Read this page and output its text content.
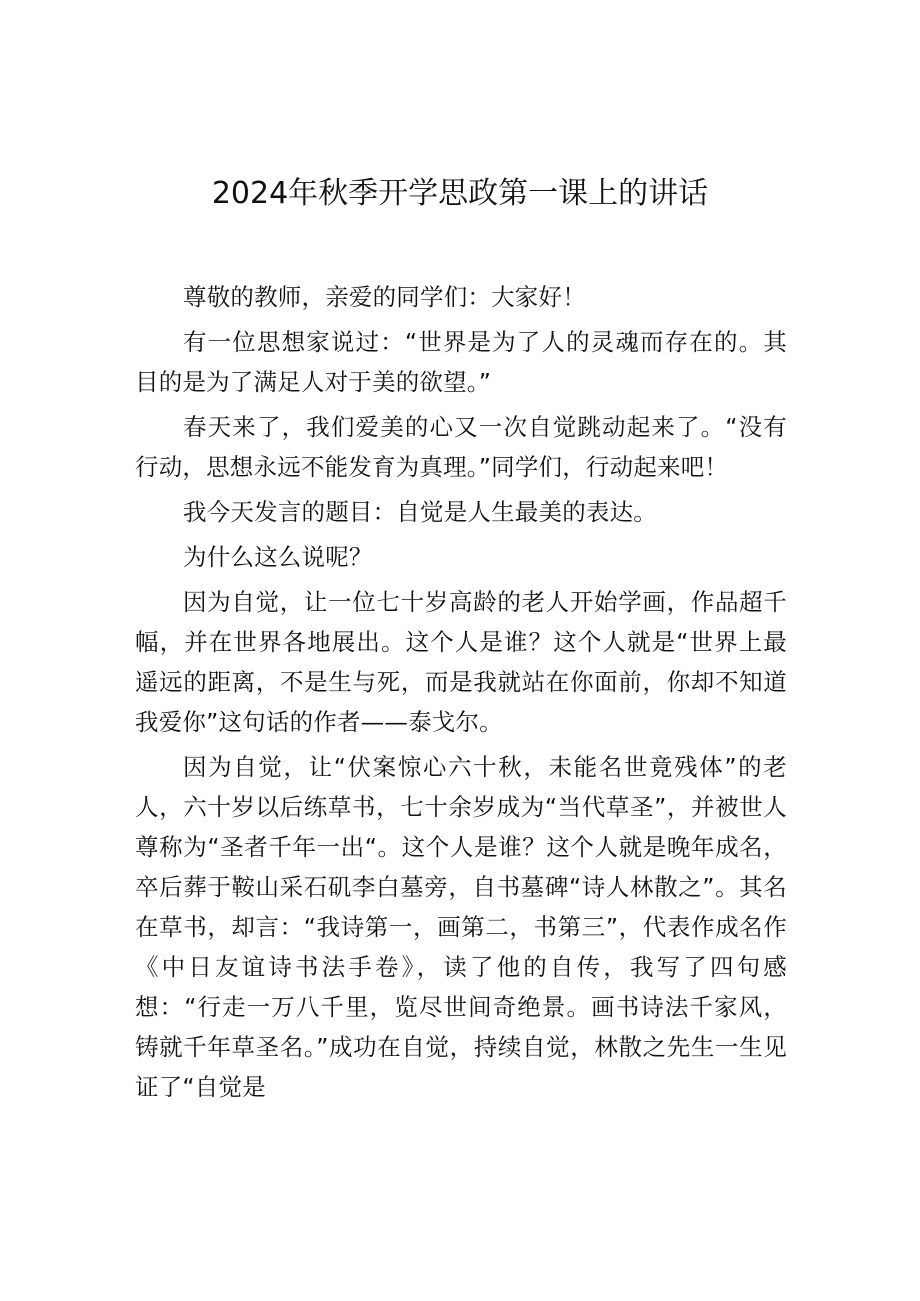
2024年秋季开学思政第一课上的讲话

尊敬的教师，亲爱的同学们：大家好！

有一位思想家说过：“世界是为了人的灵魂而存在的。其目的是为了满足人对于美的欲望。”

春天来了，我们爱美的心又一次自觉跳动起来了。“没有行动，思想永远不能发育为真理。”同学们，行动起来吧！

我今天发言的题目：自觉是人生最美的表达。

为什么这么说呢？

因为自觉，让一位七十岁高龄的老人开始学画，作品超千幅，并在世界各地展出。这个人是谁？这个人就是“世界上最遥远的距离，不是生与死，而是我就站在你面前，你却不知道我爱你”这句话的作者——泰戈尔。

因为自觉，让“伏案惊心六十秋，未能名世竟残体”的老人，六十岁以后练草书，七十余岁成为“当代草圣”，并被世人尊称为“圣者千年一出“。这个人是谁？这个人就是晚年成名，卒后葬于鞍山采石矶李白墓旁，自书墓碑“诗人林散之”。其名在草书，却言：“我诗第一，画第二，书第三”，代表作成名作《中日友谊诗书法手卷》，读了他的自传，我写了四句感想：“行走一万八千里，览尽世间奇绝景。画书诗法千家风，铸就千年草圣名。”成功在自觉，持续自觉，林散之先生一生见证了“自觉是
